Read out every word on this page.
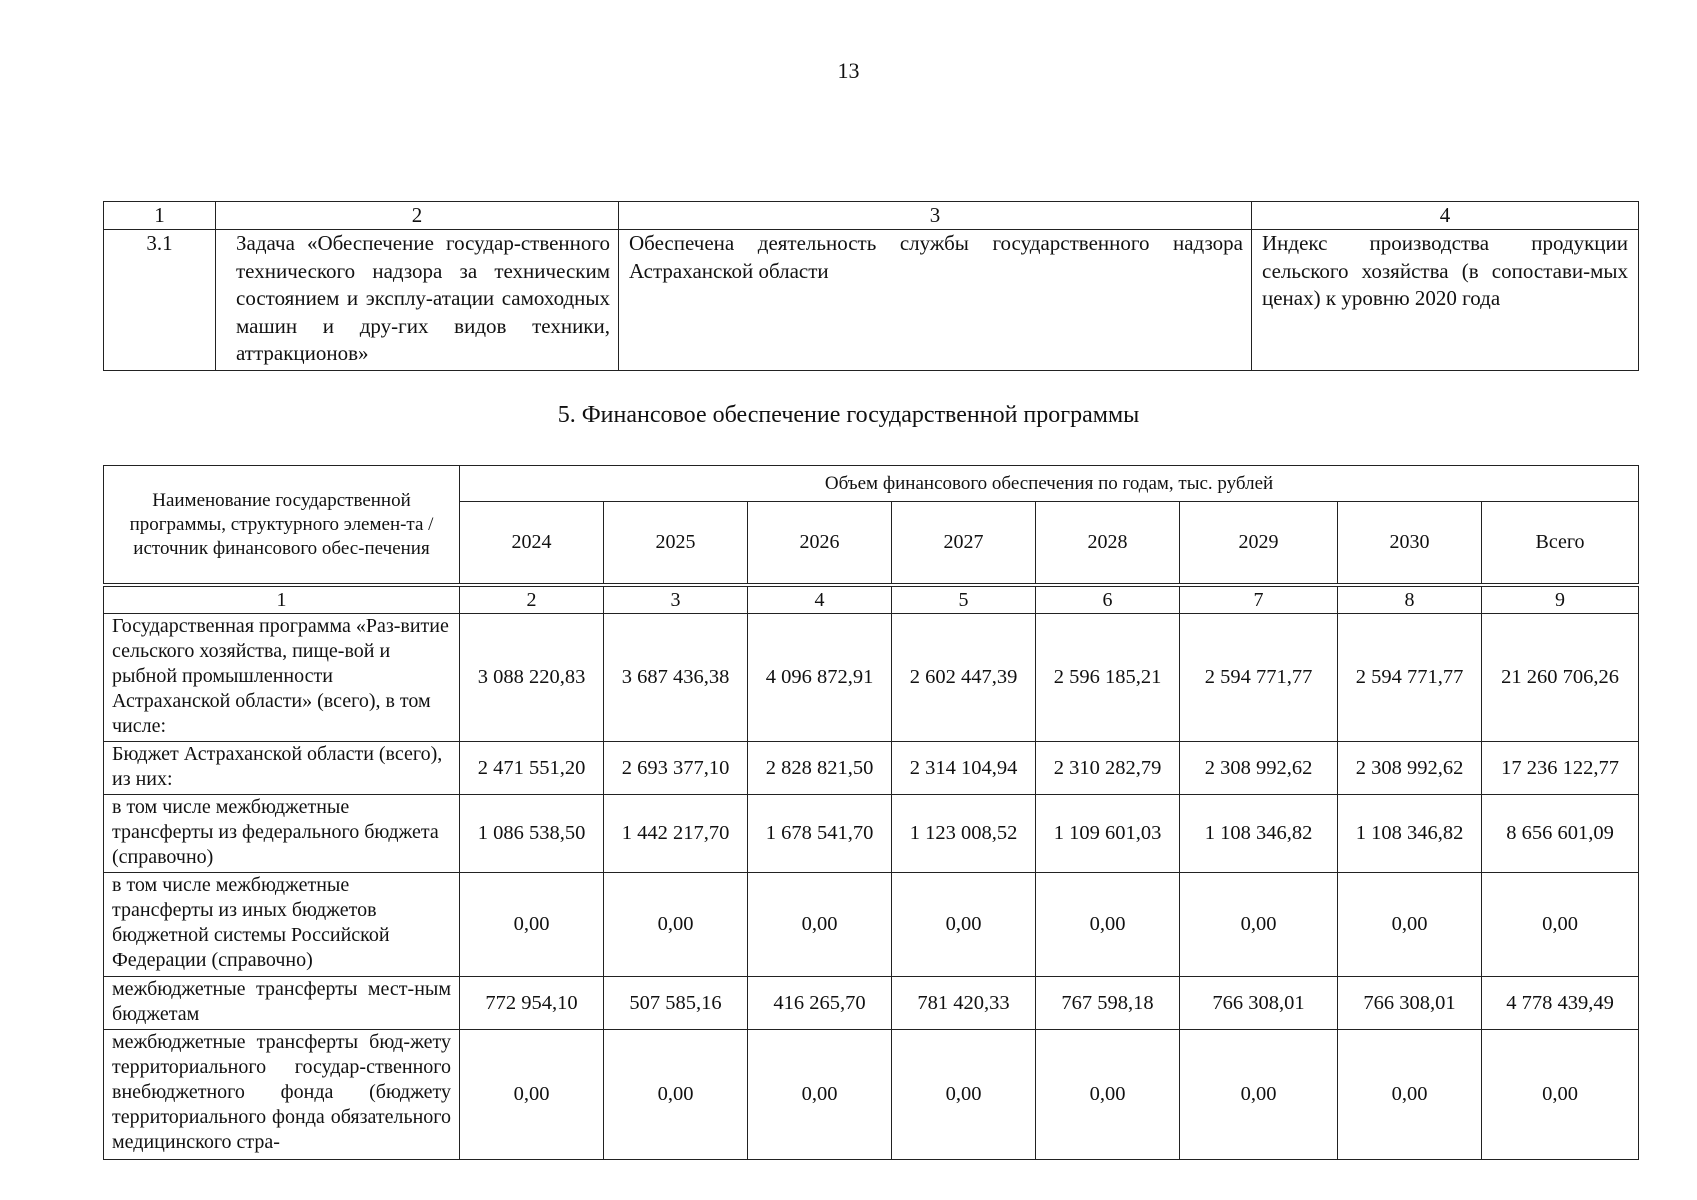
13
1	2	3	4
3.1	Задача «Обеспечение государ-ственного технического надзора за техническим состоянием и эксплу-атации самоходных машин и дру-гих видов техники, аттракционов»	Обеспечена деятельность службы государственного надзора Астраханской области	Индекс производства продукции сельского хозяйства (в сопостави-мых ценах) к уровню 2020 года
5. Финансовое обеспечение государственной программы
Наименование государственной программы, структурного элемен-та / источник финансового обес-печения	Объем финансового обеспечения по годам, тыс. рублей							
	2024	2025	2026	2027	2028	2029	2030	Всего

1	2	3	4	5	6	7	8	9
Государственная программа «Раз-витие сельского хозяйства, пище-вой и рыбной промышленности Астраханской области» (всего), в том числе:	3 088 220,83	3 687 436,38	4 096 872,91	2 602 447,39	2 596 185,21	2 594 771,77	2 594 771,77	21 260 706,26
Бюджет Астраханской области (всего), из них:	2 471 551,20	2 693 377,10	2 828 821,50	2 314 104,94	2 310 282,79	2 308 992,62	2 308 992,62	17 236 122,77
в том числе межбюджетные трансферты из федерального бюджета (справочно)	1 086 538,50	1 442 217,70	1 678 541,70	1 123 008,52	1 109 601,03	1 108 346,82	1 108 346,82	8 656 601,09
в том числе межбюджетные трансферты из иных бюджетов бюджетной системы Российской Федерации (справочно)	0,00	0,00	0,00	0,00	0,00	0,00	0,00	0,00
межбюджетные трансферты мест-ным бюджетам	772 954,10	507 585,16	416 265,70	781 420,33	767 598,18	766 308,01	766 308,01	4 778 439,49
межбюджетные трансферты бюд-жету территориального государ-ственного внебюджетного фонда (бюджету территориального фонда обязательного медицинского стра-	0,00	0,00	0,00	0,00	0,00	0,00	0,00	0,00
